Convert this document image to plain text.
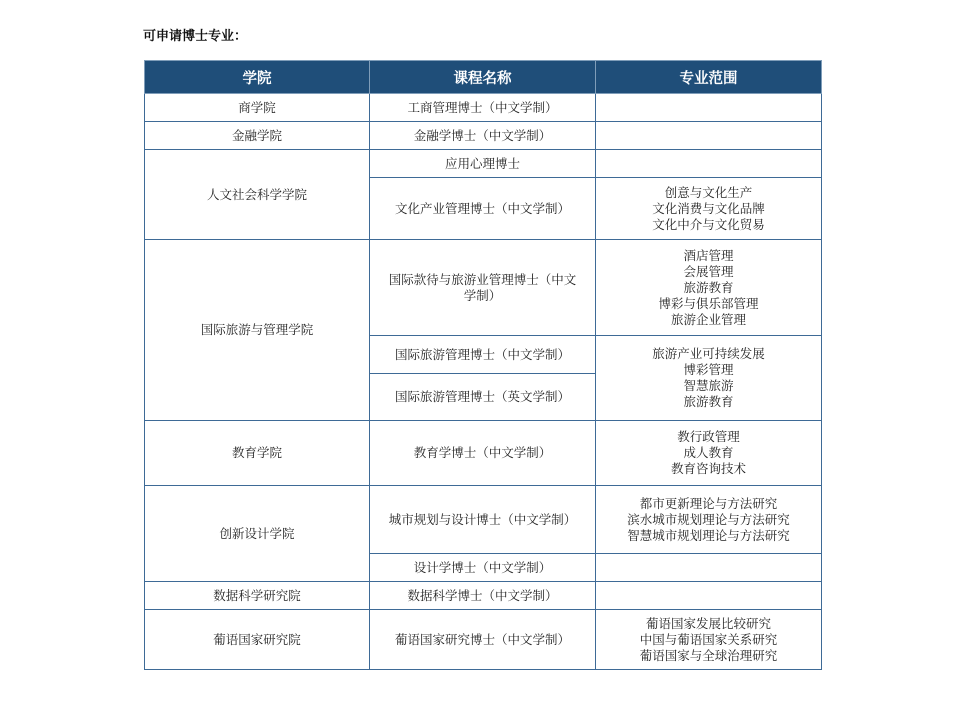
可申请博士专业：
学院	课程名称	专业范围
商学院	工商管理博士（中文学制）	
金融学院	金融学博士（中文学制）	
人文社会科学学院	应用心理博士	
	文化产业管理博士（中文学制）	创意与文化生产
文化消费与文化品牌
文化中介与文化贸易

国际旅游与管理学院	国际款待与旅游业管理博士（中文
学制）	酒店管理
会展管理
旅游教育
博彩与俱乐部管理
旅游企业管理

	国际旅游管理博士（中文学制）	旅游产业可持续发展
博彩管理
智慧旅游
旅游教育

	国际旅游管理博士（英文学制）	
教育学院	教育学博士（中文学制）	教行政管理
成人教育
教育咨询技术

创新设计学院	城市规划与设计博士（中文学制）	都市更新理论与方法研究
滨水城市规划理论与方法研究
智慧城市规划理论与方法研究

	设计学博士（中文学制）	
数据科学研究院	数据科学博士（中文学制）	
葡语国家研究院	葡语国家研究博士（中文学制）	葡语国家发展比较研究
中国与葡语国家关系研究
葡语国家与全球治理研究
